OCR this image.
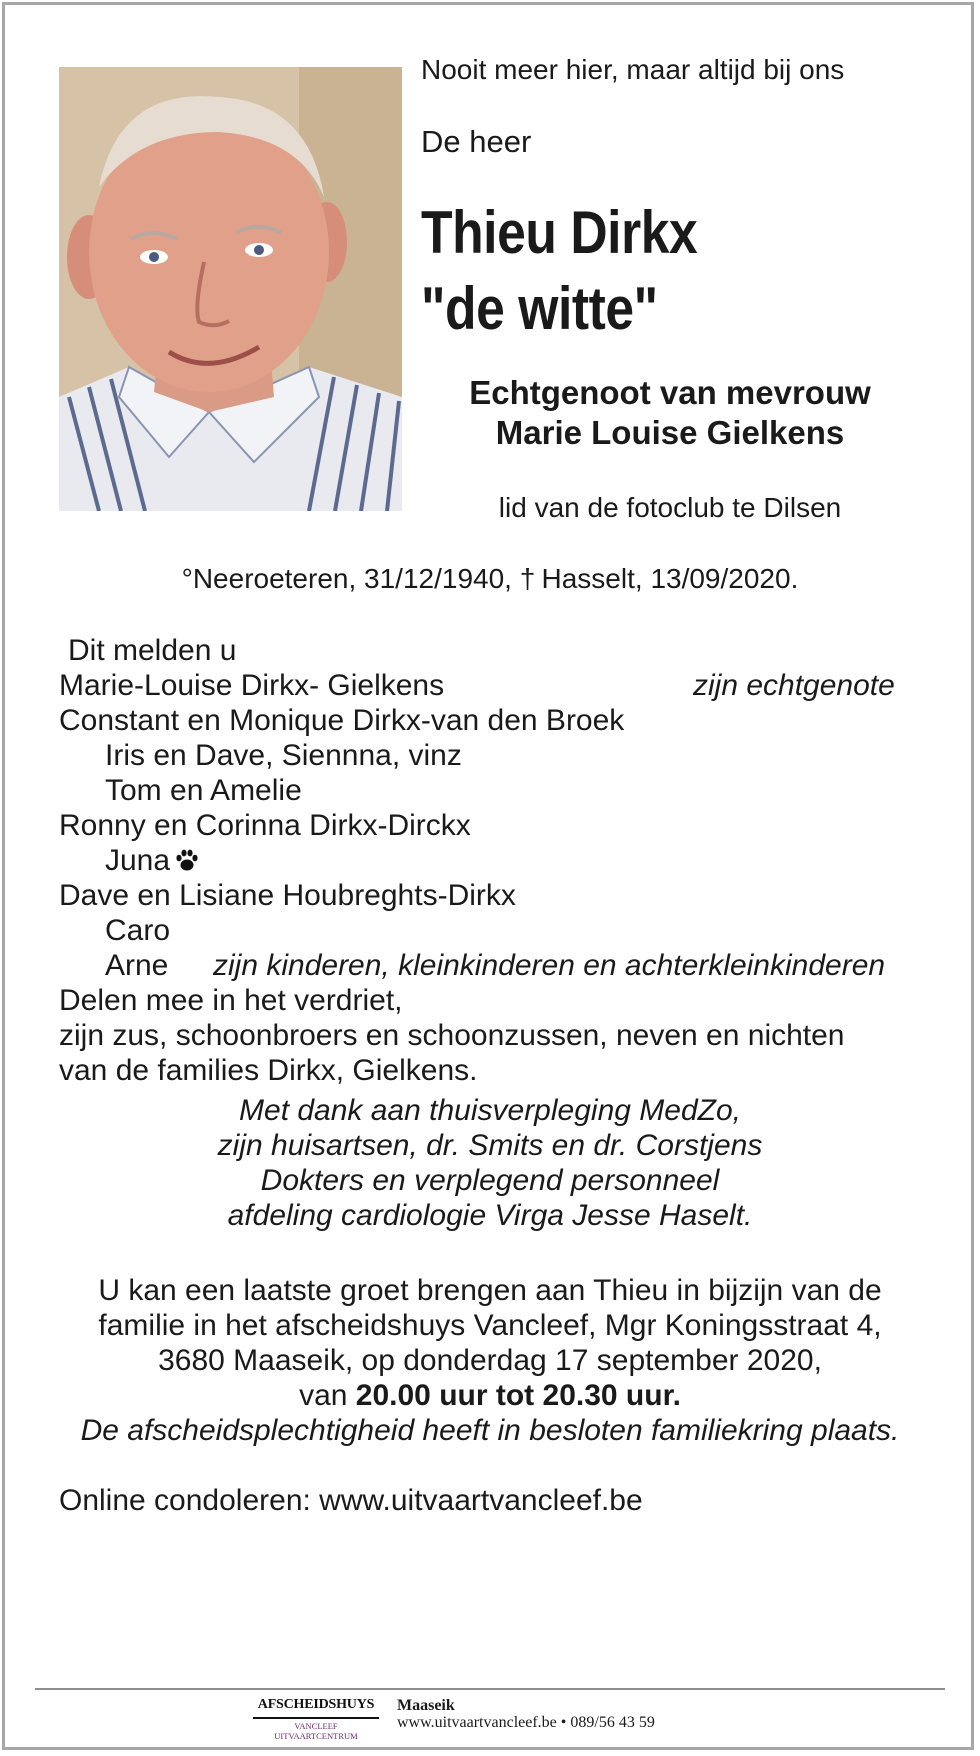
Nooit meer hier, maar altijd bij ons
De heer
Thieu Dirkx
"de witte"
Echtgenoot van mevrouw
Marie Louise Gielkens
lid van de fotoclub te Dilsen
°Neeroeteren, 31/12/1940, † Hasselt, 13/09/2020.
Dit melden u
Marie-Louise Dirkx- Gielkens	zijn echtgenote
Constant en Monique Dirkx-van den Broek
Iris en Dave, Siennna, vinz
Tom en Amelie
Ronny en Corinna Dirkx-Dirckx
Juna
Dave en Lisiane Houbreghts-Dirkx
Caro
Arne zijn kinderen, kleinkinderen en achterkleinkinderen
Delen mee in het verdriet,
zijn zus, schoonbroers en schoonzussen, neven en nichten
van de families Dirkx, Gielkens.
Met dank aan thuisverpleging MedZo,
zijn huisartsen, dr. Smits en dr. Corstjens
Dokters en verplegend personneel
afdeling cardiologie Virga Jesse Haselt.
U kan een laatste groet brengen aan Thieu in bijzijn van de
familie in het afscheidshuys Vancleef, Mgr Koningsstraat 4,
3680 Maaseik, op donderdag 17 september 2020,
van 20.00 uur tot 20.30 uur.
De afscheidsplechtigheid heeft in besloten familiekring plaats.
Online condoleren: www.uitvaartvancleef.be
AFSCHEIDSHUYS
VANCLEEF UITVAARTCENTRUM
Maaseik
www.uitvaartvancleef.be • 089/56 43 59
